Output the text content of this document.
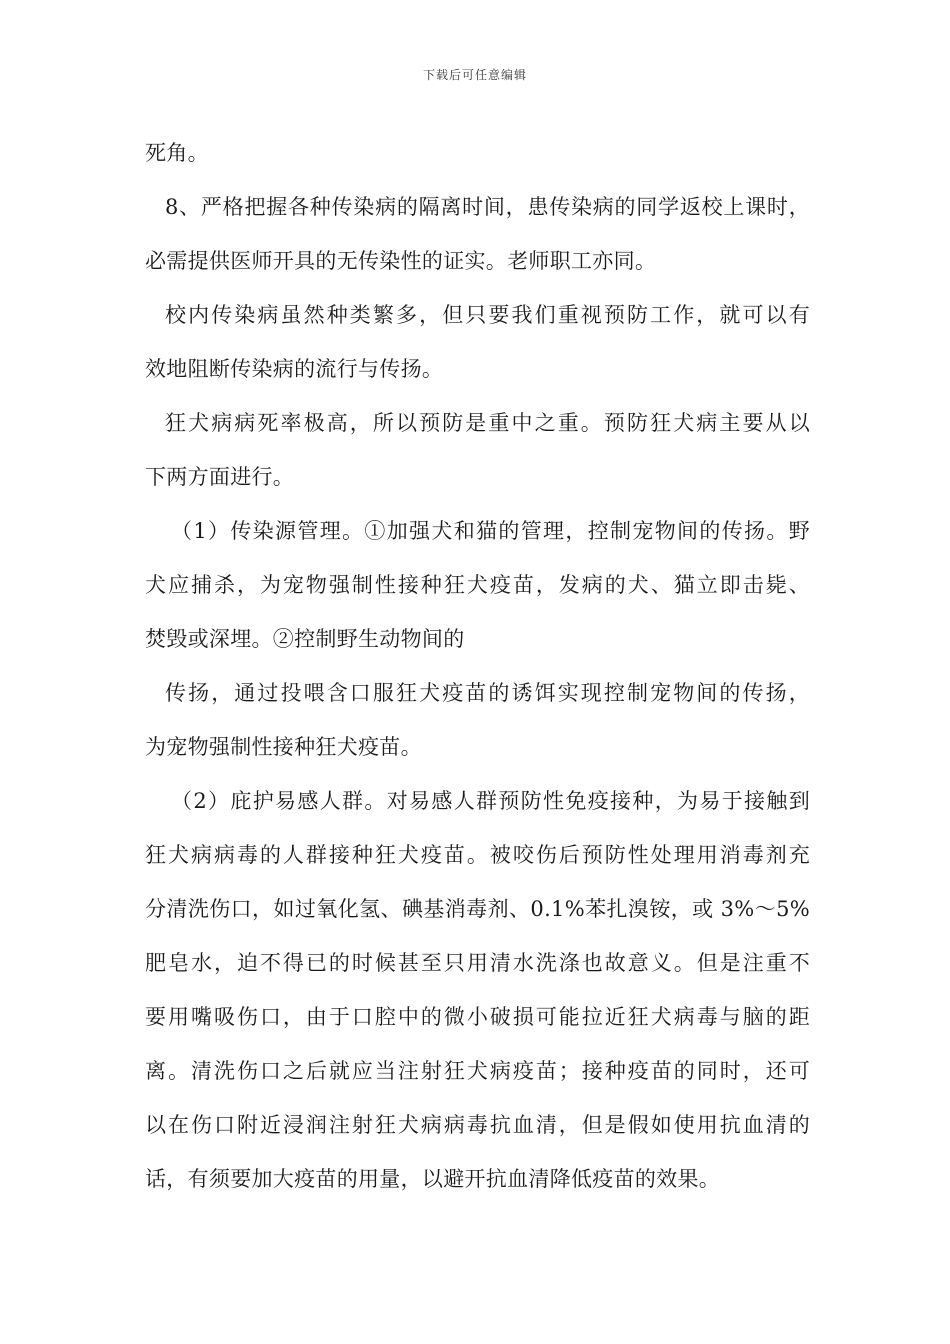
下载后可任意编辑
死角。
8、严格把握各种传染病的隔离时间，患传染病的同学返校上课时，
必需提供医师开具的无传染性的证实。老师职工亦同。
校内传染病虽然种类繁多，但只要我们重视预防工作，就可以有
效地阻断传染病的流行与传扬。
狂犬病病死率极高，所以预防是重中之重。预防狂犬病主要从以
下两方面进行。
（1）传染源管理。①加强犬和猫的管理，控制宠物间的传扬。野
犬应捕杀，为宠物强制性接种狂犬疫苗，发病的犬、猫立即击毙、
焚毁或深埋。②控制野生动物间的
传扬，通过投喂含口服狂犬疫苗的诱饵实现控制宠物间的传扬，
为宠物强制性接种狂犬疫苗。
（2）庇护易感人群。对易感人群预防性免疫接种，为易于接触到
狂犬病病毒的人群接种狂犬疫苗。被咬伤后预防性处理用消毒剂充
分清洗伤口，如过氧化氢、碘基消毒剂、0.1%苯扎溴铵，或 3%～5%
肥皂水，迫不得已的时候甚至只用清水洗涤也故意义。但是注重不
要用嘴吸伤口，由于口腔中的微小破损可能拉近狂犬病毒与脑的距
离。清洗伤口之后就应当注射狂犬病疫苗；接种疫苗的同时，还可
以在伤口附近浸润注射狂犬病病毒抗血清，但是假如使用抗血清的
话，有须要加大疫苗的用量，以避开抗血清降低疫苗的效果。
